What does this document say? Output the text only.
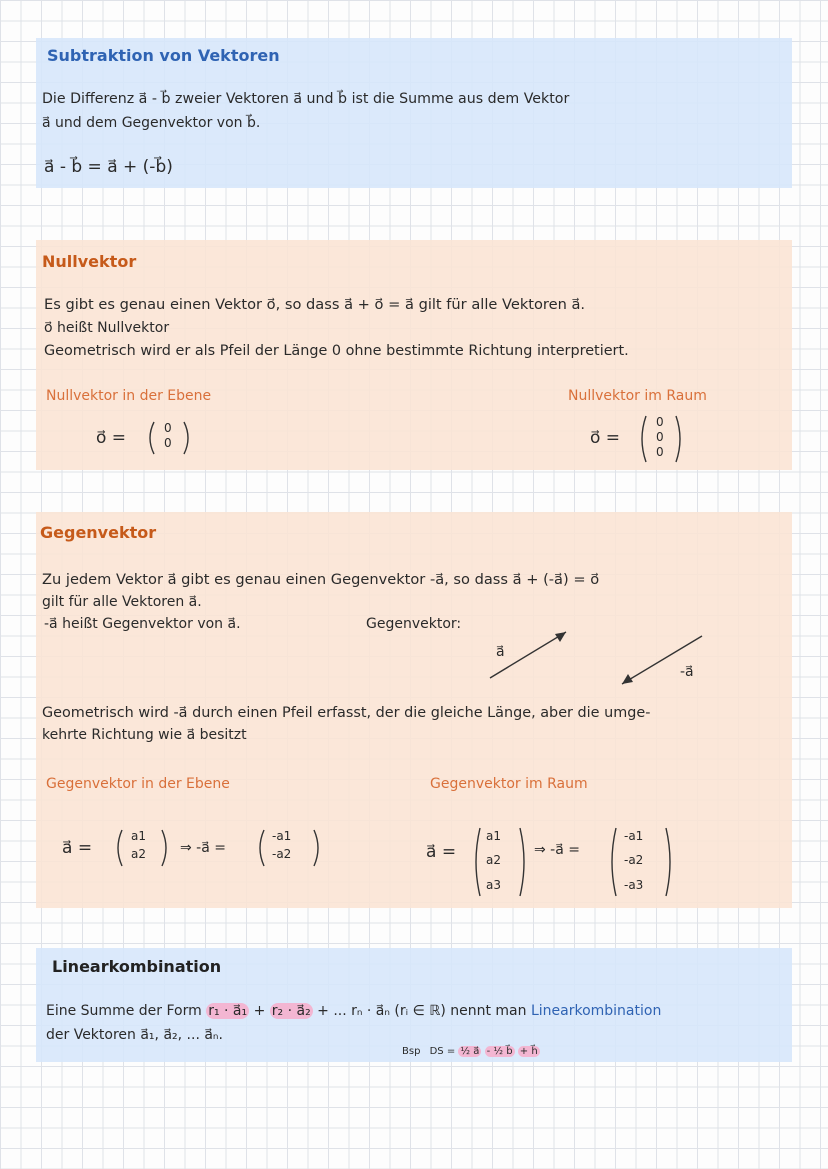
Subtraktion von Vektoren
Die Differenz a⃗ - b⃗ zweier Vektoren a⃗ und b⃗ ist die Summe aus dem Vektor
a⃗ und dem Gegenvektor von b⃗.
a⃗ - b⃗ = a⃗ + (-b⃗)
Nullvektor
Es gibt es genau einen Vektor o⃗, so dass a⃗ + o⃗ = a⃗ gilt für alle Vektoren a⃗.
o⃗ heißt Nullvektor
Geometrisch wird er als Pfeil der Länge 0 ohne bestimmte Richtung interpretiert.
Nullvektor in der Ebene	Nullvektor im Raum
o⃗ =	0
0	o⃗ =
0
0
0
Gegenvektor
Zu jedem Vektor a⃗ gibt es genau einen Gegenvektor -a⃗, so dass a⃗ + (-a⃗) = o⃗
gilt für alle Vektoren a⃗.
-a⃗ heißt Gegenvektor von a⃗.	Gegenvektor:
a⃗
-a⃗
Geometrisch wird -a⃗ durch einen Pfeil erfasst, der die gleiche Länge, aber die umge-
kehrte Richtung wie a⃗ besitzt
Gegenvektor in der Ebene	Gegenvektor im Raum
a⃗ =
a1
a2 ⇒ -a⃗ =
-a1
-a2	a⃗ =
a1
a2
a3
⇒ -a⃗ =
-a1
-a2
-a3
Linearkombination
Eine Summe der Form r₁ · a⃗₁ + r₂ · a⃗₂ + ... rₙ · a⃗ₙ (rᵢ ∈ ℝ) nennt man Linearkombination
der Vektoren a⃗₁, a⃗₂, ... a⃗ₙ.
Bsp DS = ½ a⃗ - ½ b⃗ + h⃗
